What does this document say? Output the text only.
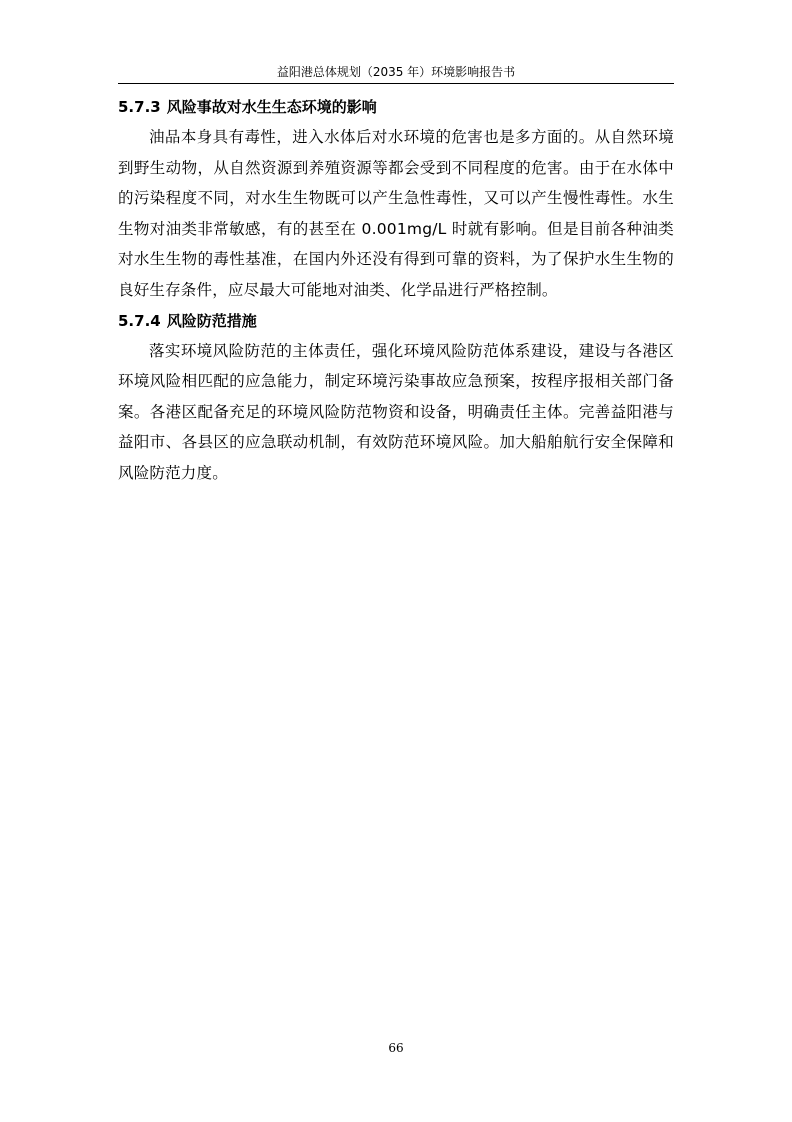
益阳港总体规划（2035 年）环境影响报告书
5.7.3 风险事故对水生生态环境的影响

油品本身具有毒性，进入水体后对水环境的危害也是多方面的。从自然环境到野生动物，从自然资源到养殖资源等都会受到不同程度的危害。由于在水体中的污染程度不同，对水生生物既可以产生急性毒性，又可以产生慢性毒性。水生生物对油类非常敏感，有的甚至在 0.001mg/L 时就有影响。但是目前各种油类对水生生物的毒性基准，在国内外还没有得到可靠的资料，为了保护水生生物的良好生存条件，应尽最大可能地对油类、化学品进行严格控制。

5.7.4 风险防范措施

落实环境风险防范的主体责任，强化环境风险防范体系建设，建设与各港区环境风险相匹配的应急能力，制定环境污染事故应急预案，按程序报相关部门备案。各港区配备充足的环境风险防范物资和设备，明确责任主体。完善益阳港与益阳市、各县区的应急联动机制，有效防范环境风险。加大船舶航行安全保障和风险防范力度。

66
